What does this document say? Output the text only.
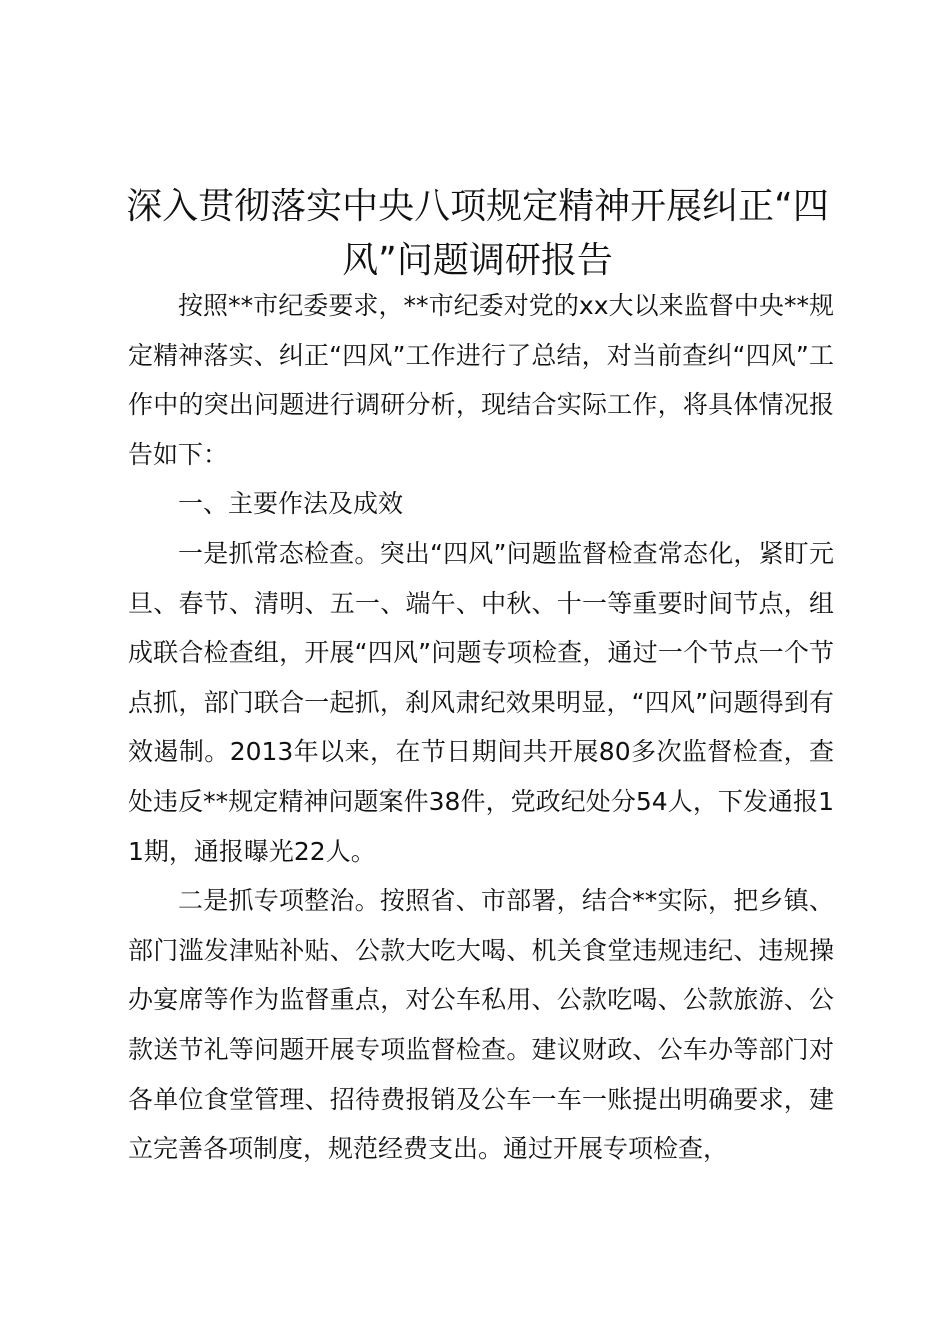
深入贯彻落实中央八项规定精神开展纠正“四风”问题调研报告

按照**市纪委要求，**市纪委对党的xx大以来监督中央**规定精神落实、纠正“四风”工作进行了总结，对当前查纠“四风”工作中的突出问题进行调研分析，现结合实际工作，将具体情况报告如下：

一、主要作法及成效

一是抓常态检查。突出“四风”问题监督检查常态化，紧盯元旦、春节、清明、五一、端午、中秋、十一等重要时间节点，组成联合检查组，开展“四风”问题专项检查，通过一个节点一个节点抓，部门联合一起抓，刹风肃纪效果明显，“四风”问题得到有效遏制。2013年以来，在节日期间共开展80多次监督检查，查处违反**规定精神问题案件38件，党政纪处分54人，下发通报11期，通报曝光22人。

二是抓专项整治。按照省、市部署，结合**实际，把乡镇、部门滥发津贴补贴、公款大吃大喝、机关食堂违规违纪、违规操办宴席等作为监督重点，对公车私用、公款吃喝、公款旅游、公款送节礼等问题开展专项监督检查。建议财政、公车办等部门对各单位食堂管理、招待费报销及公车一车一账提出明确要求，建立完善各项制度，规范经费支出。通过开展专项检查，
